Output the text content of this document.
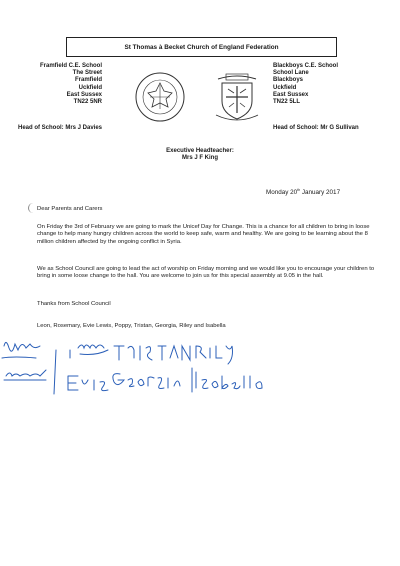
St Thomas à Becket Church of England Federation
Framfield C.E. School
The Street
Framfield
Uckfield
East Sussex
TN22 5NR
Blackboys C.E. School
School Lane
Blackboys
Uckfield
East Sussex
TN22 5LL
Head of School: Mrs J Davies	Head of School: Mr G Sullivan
Executive Headteacher:
Mrs J F King
Monday 20th January 2017
Dear Parents and Carers
On Friday the 3rd of February we are going to mark the Unicef Day for Change. This is a chance for all children to bring in loose change to help many hungry children across the world to keep safe, warm and healthy. We are going to be learning about the 8 million children affected by the ongoing conflict in Syria.
We as School Council are going to lead the act of worship on Friday morning and we would like you to encourage your children to bring in some loose change to the hall. You are welcome to join us for this special assembly at 9.05 in the hall.
Thanks from School Council
Leon, Rosemary, Evie Lewis, Poppy, Tristan, Georgia, Riley and Isabella
